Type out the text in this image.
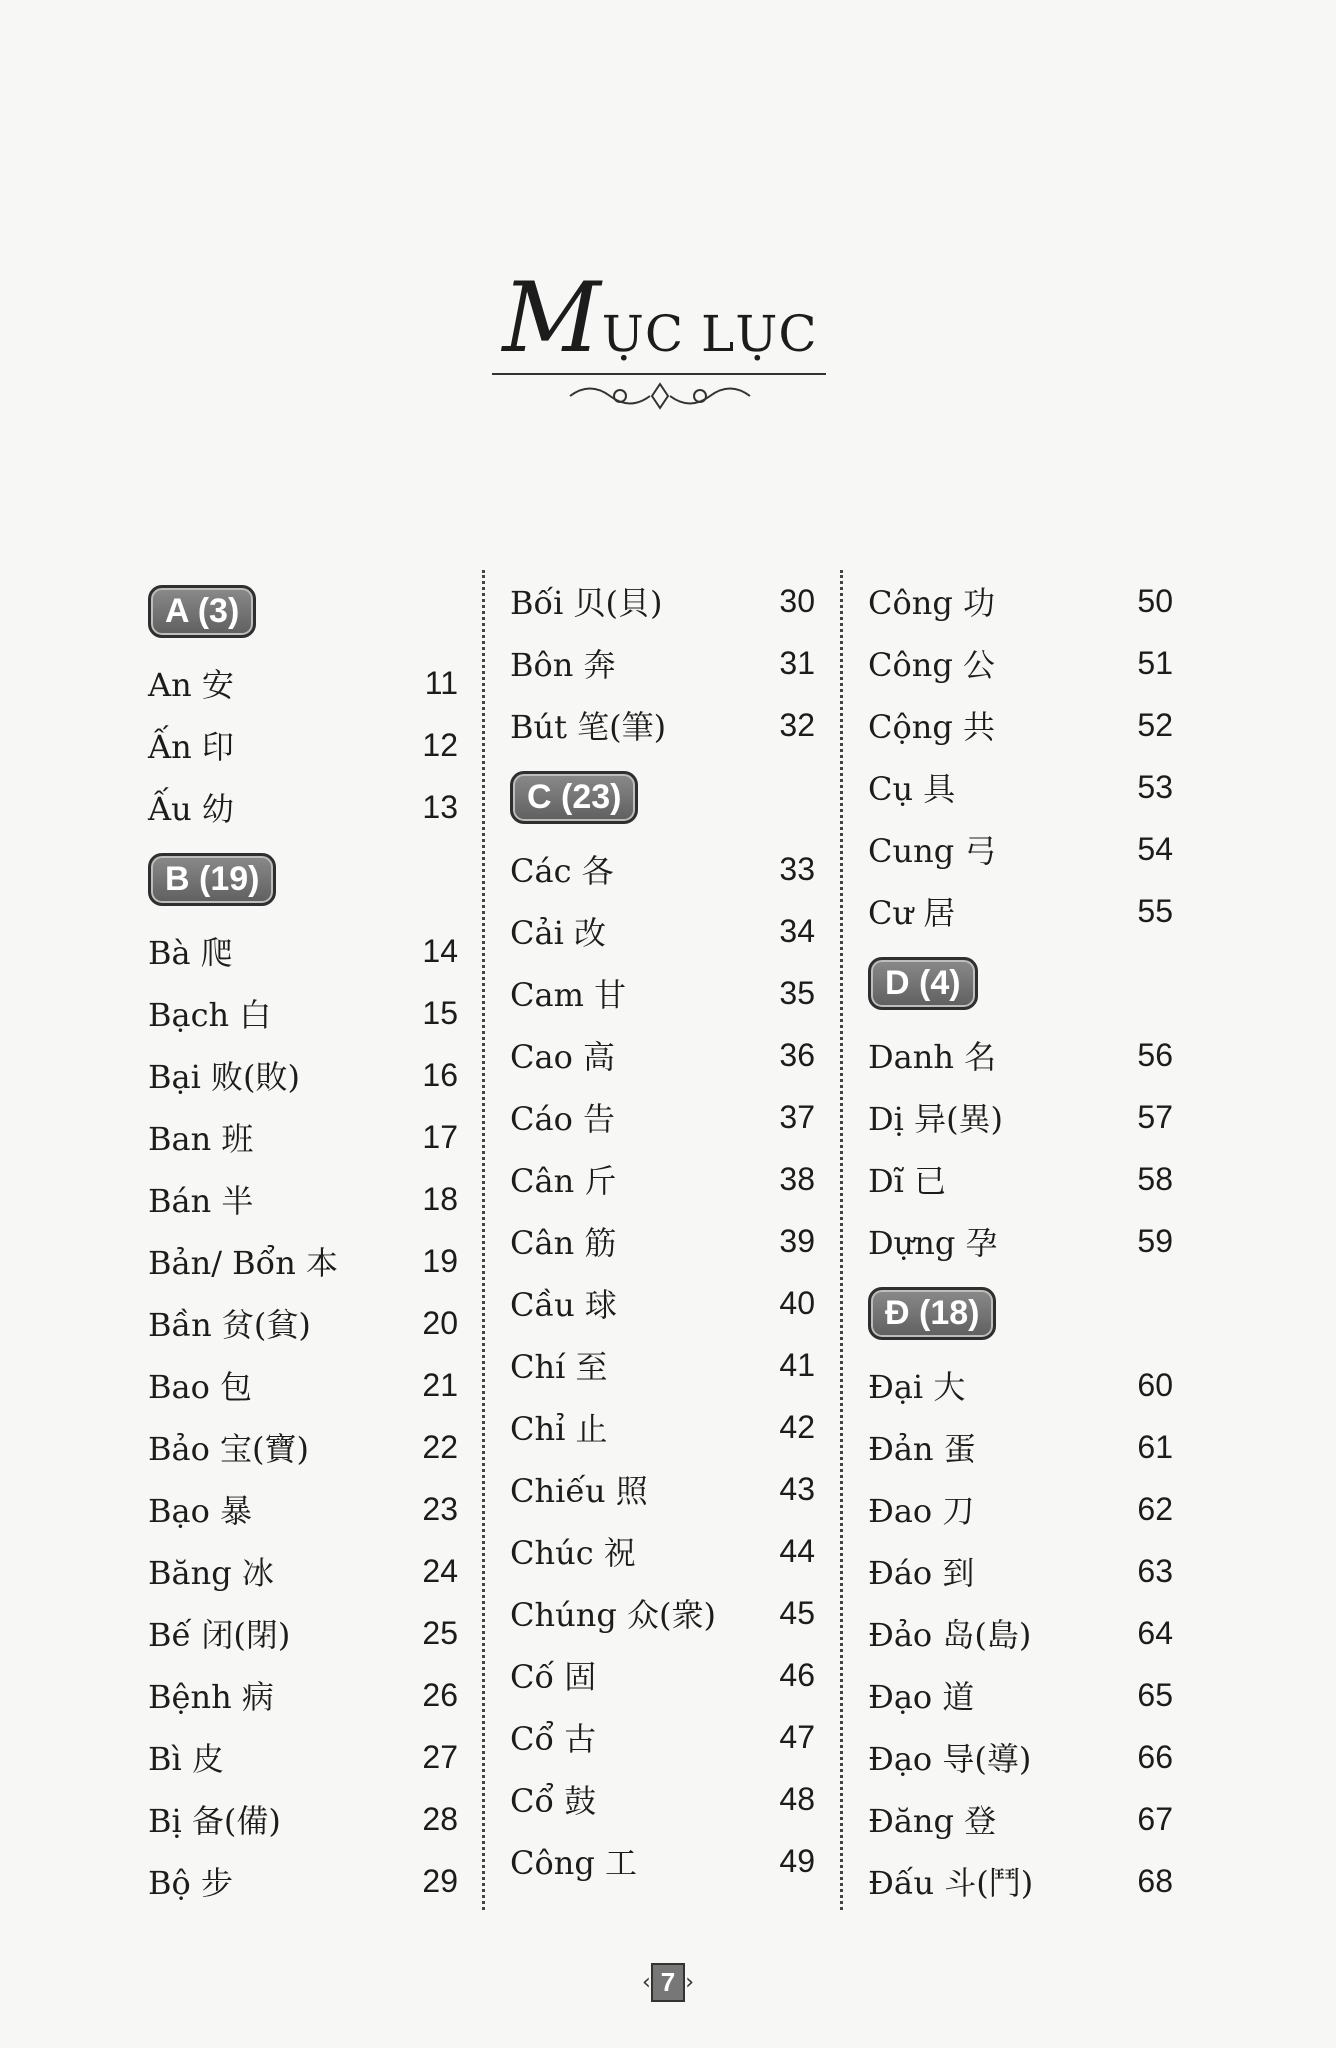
MỤC LỤC
A (3)
An 安	11
Ấn 印	12
Ấu 幼	13
B (19)
Bà 爬	14
Bạch 白	15
Bại 败(敗)	16
Ban 班	17
Bán 半	18
Bản/ Bổn 本	19
Bần 贫(貧)	20
Bao 包	21
Bảo 宝(寶)	22
Bạo 暴	23
Băng 冰	24
Bế 闭(閉)	25
Bệnh 病	26
Bì 皮	27
Bị 备(備)	28
Bộ 步	29
Bối 贝(貝)	30
Bôn 奔	31
Bút 笔(筆)	32
C (23)
Các 各	33
Cải 改	34
Cam 甘	35
Cao 高	36
Cáo 告	37
Cân 斤	38
Cân 筋	39
Cầu 球	40
Chí 至	41
Chỉ 止	42
Chiếu 照	43
Chúc 祝	44
Chúng 众(衆) 45
Cố 固	46
Cổ 古	47
Cổ 鼓	48
Công 工	49
Công 功	50
Công 公	51
Cộng 共	52
Cụ 具	53
Cung 弓	54
Cư 居	55
D (4)
Danh 名	56
Dị 异(異)	57
Dĩ 已	58
Dựng 孕	59
Đ (18)
Đại 大	60
Đản 蛋	61
Đao 刀	62
Đáo 到	63
Đảo 岛(島)	64
Đạo 道	65
Đạo 导(導)	66
Đăng 登	67
Đấu 斗(鬥)	68
‹ 7 ›
